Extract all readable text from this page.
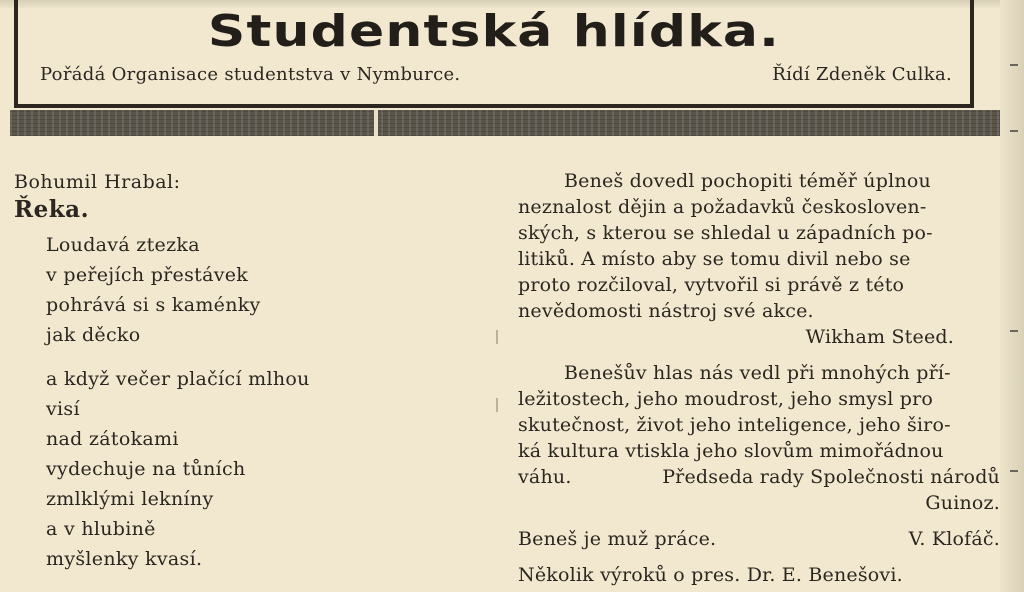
Studentská hlídka.
Pořádá Organisace studentstva v Nymburce.	Řídí Zdeněk Culka.
Bohumil Hrabal:
Řeka.
Loudavá ztezka
v peřejích přestávek
pohrává si s kaménky
jak děcko
a když večer plačící mlhou
visí
nad zátokami
vydechuje na tůních
zmlklými lekníny
a v hlubině
myšlenky kvasí.
Beneš dovedl pochopiti téměř úplnou
neznalost dějin a požadavků českosloven-
ských, s kterou se shledal u západních po-
litiků. A místo aby se tomu divil nebo se
proto rozčiloval, vytvořil si právě z této
nevědomosti nástroj své akce.
Wikham Steed.
Benešův hlas nás vedl při mnohých pří-
ležitostech, jeho moudrost, jeho smysl pro
skutečnost, život jeho inteligence, jeho širo-
ká kultura vtiskla jeho slovům mimořádnou
váhu.	Předseda rady Společnosti národů
Guinoz.
Beneš je muž práce.	V. Klofáč.
Několik výroků o pres. Dr. E. Benešovi.
